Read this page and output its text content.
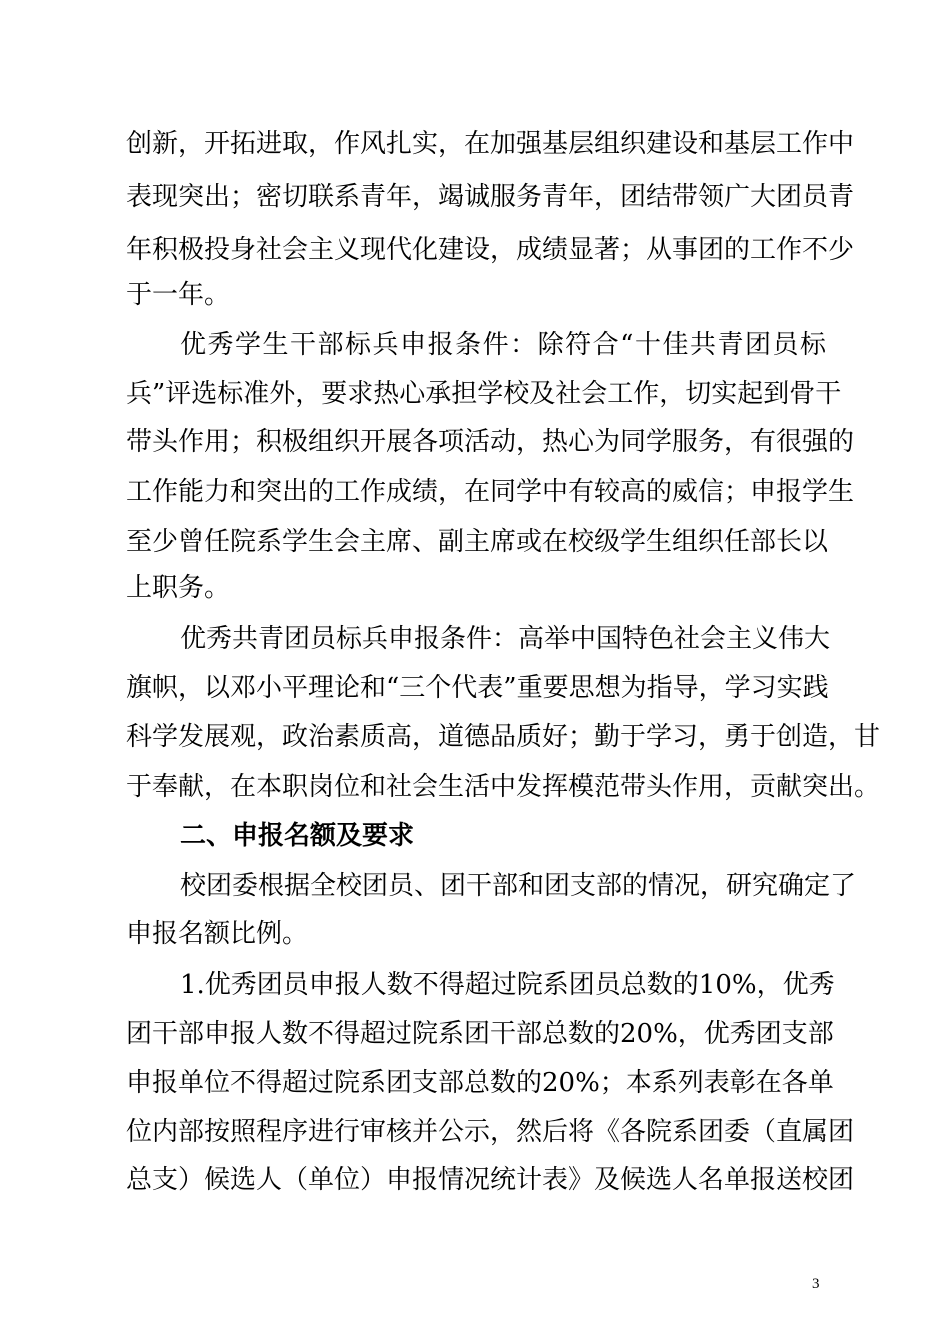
创新，开拓进取，作风扎实，在加强基层组织建设和基层工作中
表现突出；密切联系青年，竭诚服务青年，团结带领广大团员青
年积极投身社会主义现代化建设，成绩显著；从事团的工作不少
于一年。
优秀学生干部标兵申报条件：除符合“十佳共青团员标
兵”评选标准外，要求热心承担学校及社会工作，切实起到骨干
带头作用；积极组织开展各项活动，热心为同学服务，有很强的
工作能力和突出的工作成绩，在同学中有较高的威信；申报学生
至少曾任院系学生会主席、副主席或在校级学生组织任部长以
上职务。
优秀共青团员标兵申报条件：高举中国特色社会主义伟大
旗帜，以邓小平理论和“三个代表”重要思想为指导，学习实践
科学发展观，政治素质高，道德品质好；勤于学习，勇于创造，甘
于奉献，在本职岗位和社会生活中发挥模范带头作用，贡献突出。
二、申报名额及要求
校团委根据全校团员、团干部和团支部的情况，研究确定了
申报名额比例。
1.优秀团员申报人数不得超过院系团员总数的10%，优秀
团干部申报人数不得超过院系团干部总数的20%，优秀团支部
申报单位不得超过院系团支部总数的20%；本系列表彰在各单
位内部按照程序进行审核并公示，然后将《各院系团委（直属团
总支）候选人（单位）申报情况统计表》及候选人名单报送校团
3
